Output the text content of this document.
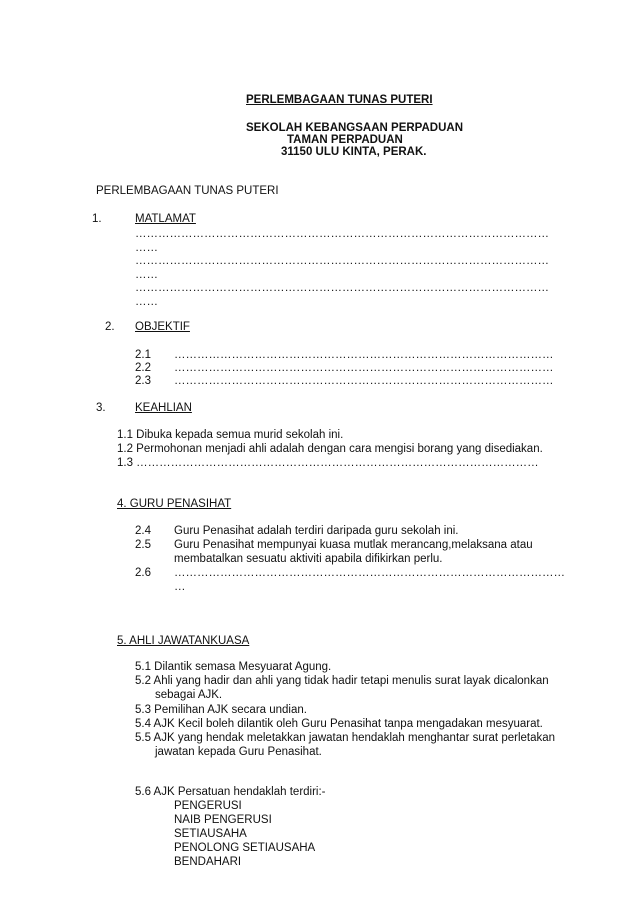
PERLEMBAGAAN TUNAS PUTERI
SEKOLAH KEBANGSAAN PERPADUAN
TAMAN PERPADUAN
31150 ULU KINTA, PERAK.
PERLEMBAGAAN TUNAS PUTERI
1.	MATLAMAT
………………………………………………………………………………………………
……
………………………………………………………………………………………………
……
………………………………………………………………………………………………
……
2. OBJEKTIF
2.1 ………………………………………………………………………………………
2.2 ………………………………………………………………………………………
2.3 ………………………………………………………………………………………
3.	KEAHLIAN
1.1 Dibuka kepada semua murid sekolah ini.
1.2 Permohonan menjadi ahli adalah dengan cara mengisi borang yang disediakan.
1.3 ……………………………………………………………………………………………
4. GURU PENASIHAT
2.4 Guru Penasihat adalah terdiri daripada guru sekolah ini.
2.5 Guru Penasihat mempunyai kuasa mutlak merancang,melaksana atau
membatalkan sesuatu aktiviti apabila difikirkan perlu.
2.6 …………………………………………………………………………………………
…
5. AHLI JAWATANKUASA
5.1 Dilantik semasa Mesyuarat Agung.
5.2 Ahli yang hadir dan ahli yang tidak hadir tetapi menulis surat layak dicalonkan
sebagai AJK.
5.3 Pemilihan AJK secara undian.
5.4 AJK Kecil boleh dilantik oleh Guru Penasihat tanpa mengadakan mesyuarat.
5.5 AJK yang hendak meletakkan jawatan hendaklah menghantar surat perletakan
jawatan kepada Guru Penasihat.
5.6 AJK Persatuan hendaklah terdiri:-
PENGERUSI
NAIB PENGERUSI
SETIAUSAHA
PENOLONG SETIAUSAHA
BENDAHARI
